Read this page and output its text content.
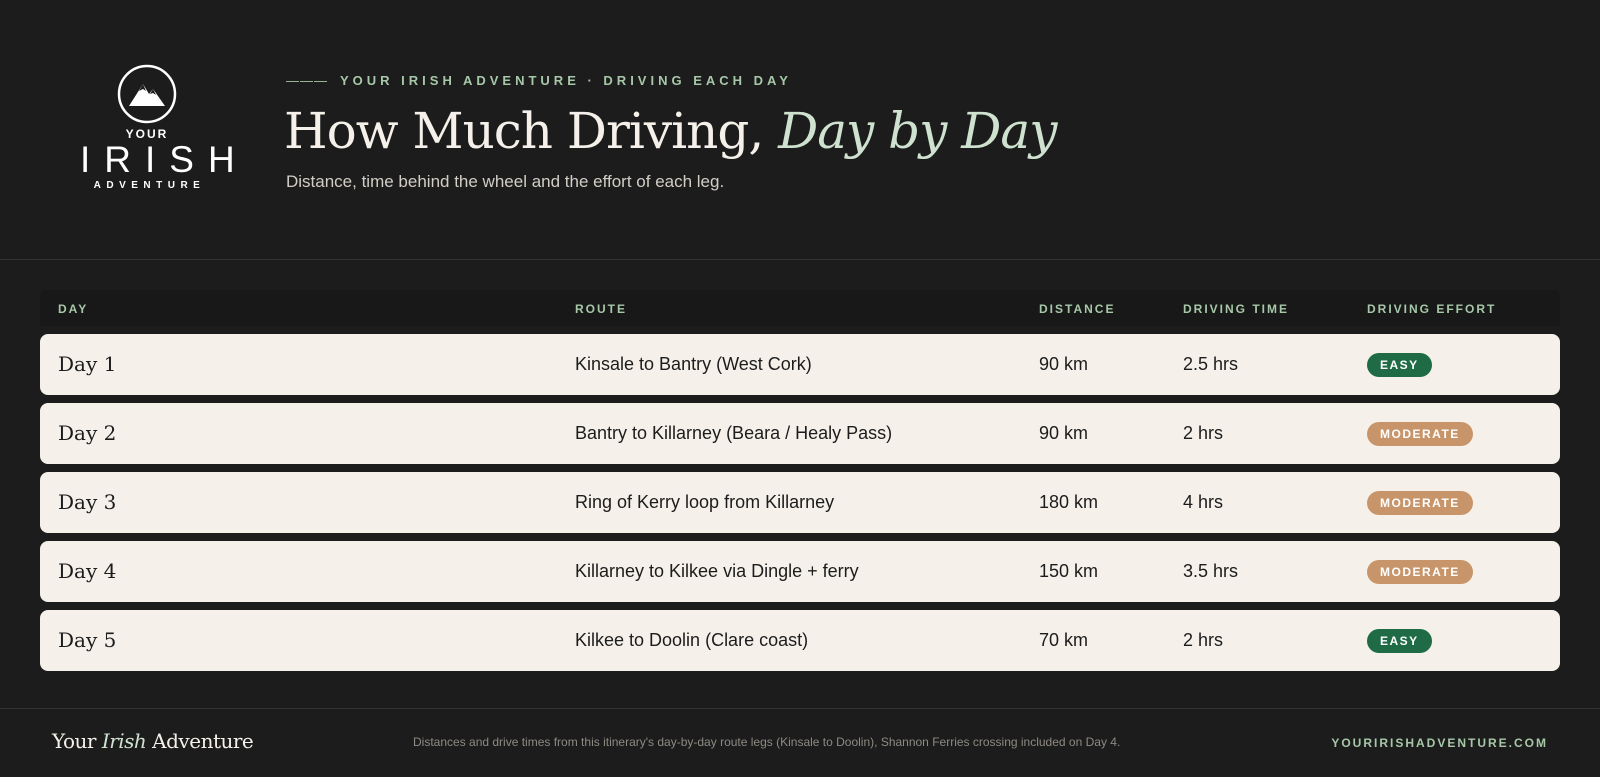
YOUR
IRISH
ADVENTURE
——— YOUR IRISH ADVENTURE · DRIVING EACH DAY
How Much Driving, Day by Day
Distance, time behind the wheel and the effort of each leg.
DAY	ROUTE	DISTANCE	DRIVING TIME	DRIVING EFFORT
Day 1	Kinsale to Bantry (West Cork)	90 km	2.5 hrs	EASY
Day 2	Bantry to Killarney (Beara / Healy Pass)	90 km	2 hrs	MODERATE
Day 3	Ring of Kerry loop from Killarney	180 km	4 hrs	MODERATE
Day 4	Killarney to Kilkee via Dingle + ferry	150 km	3.5 hrs	MODERATE
Day 5	Kilkee to Doolin (Clare coast)	70 km	2 hrs	EASY
Your Irish Adventure	Distances and drive times from this itinerary's day-by-day route legs (Kinsale to Doolin), Shannon Ferries crossing included on Day 4.	YOURIRISHADVENTURE.COM
